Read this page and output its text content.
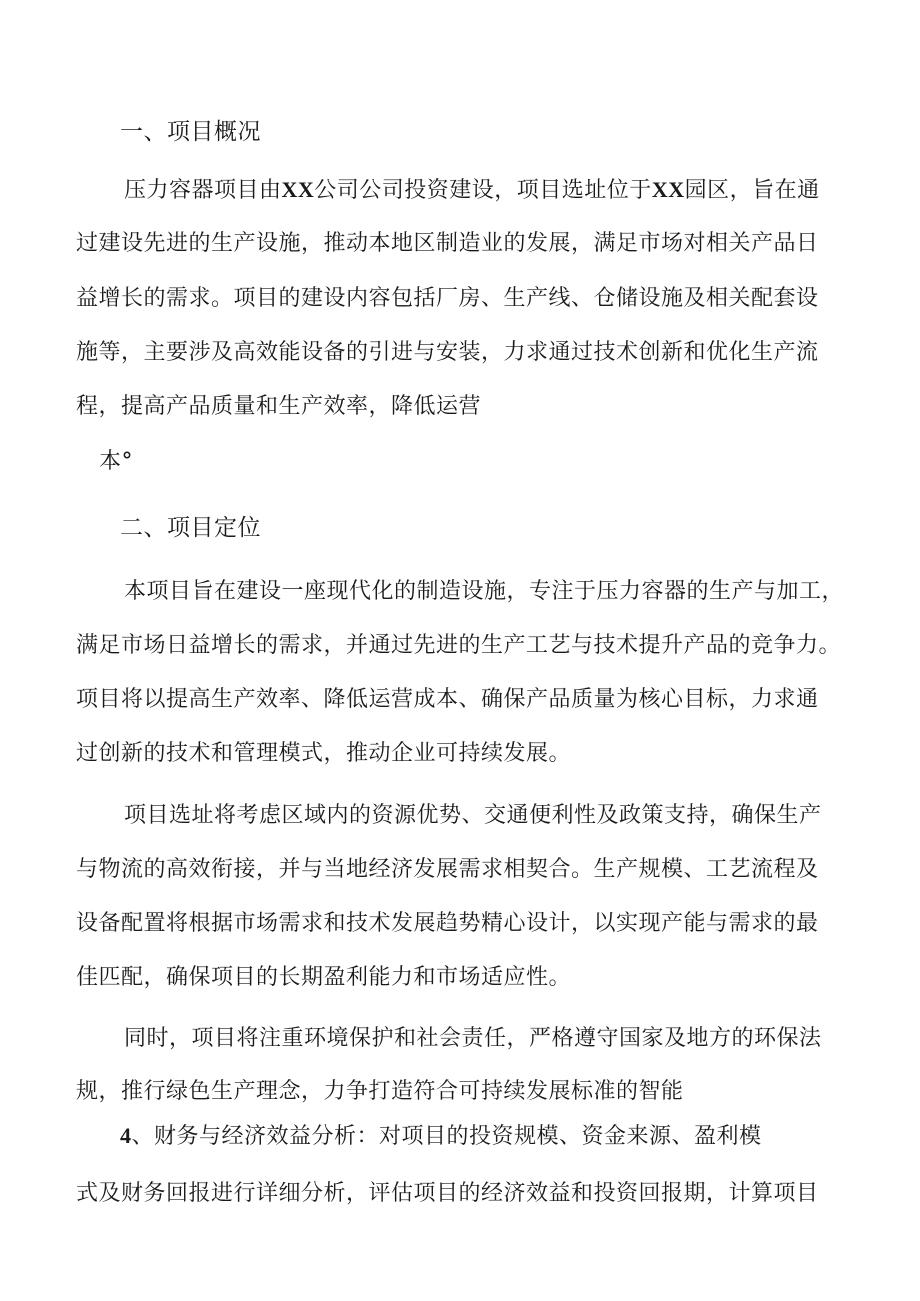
一、项目概况
压力容器项目由XX公司公司投资建设，项目选址位于XX园区，旨在通
过建设先进的生产设施，推动本地区制造业的发展，满足市场对相关产品日
益增长的需求。项目的建设内容包括厂房、生产线、仓储设施及相关配套设
施等，主要涉及高效能设备的引进与安装，力求通过技术创新和优化生产流
程，提高产品质量和生产效率，降低运营
本°
二、项目定位
本项目旨在建设一座现代化的制造设施，专注于压力容器的生产与加工，
满足市场日益增长的需求，并通过先进的生产工艺与技术提升产品的竞争力。
项目将以提高生产效率、降低运营成本、确保产品质量为核心目标，力求通
过创新的技术和管理模式，推动企业可持续发展。
项目选址将考虑区域内的资源优势、交通便利性及政策支持，确保生产
与物流的高效衔接，并与当地经济发展需求相契合。生产规模、工艺流程及
设备配置将根据市场需求和技术发展趋势精心设计，以实现产能与需求的最
佳匹配，确保项目的长期盈利能力和市场适应性。
同时，项目将注重环境保护和社会责任，严格遵守国家及地方的环保法
规，推行绿色生产理念，力争打造符合可持续发展标准的智能
4、财务与经济效益分析：对项目的投资规模、资金来源、盈利模
式及财务回报进行详细分析，评估项目的经济效益和投资回报期，计算项目
